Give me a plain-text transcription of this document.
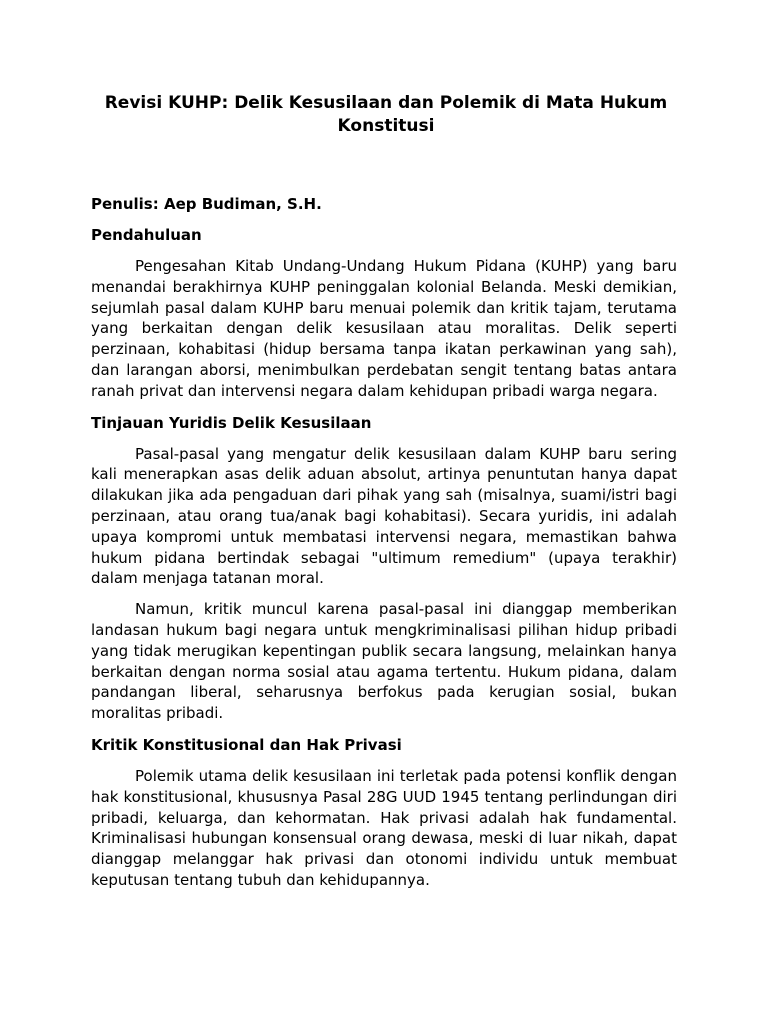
Revisi KUHP: Delik Kesusilaan dan Polemik di Mata Hukum Konstitusi

Penulis: Aep Budiman, S.H.

Pendahuluan

Pengesahan Kitab Undang-Undang Hukum Pidana (KUHP) yang baru menandai berakhirnya KUHP peninggalan kolonial Belanda. Meski demikian, sejumlah pasal dalam KUHP baru menuai polemik dan kritik tajam, terutama yang berkaitan dengan delik kesusilaan atau moralitas. Delik seperti perzinaan, kohabitasi (hidup bersama tanpa ikatan perkawinan yang sah), dan larangan aborsi, menimbulkan perdebatan sengit tentang batas antara ranah privat dan intervensi negara dalam kehidupan pribadi warga negara.

Tinjauan Yuridis Delik Kesusilaan

Pasal-pasal yang mengatur delik kesusilaan dalam KUHP baru sering kali menerapkan asas delik aduan absolut, artinya penuntutan hanya dapat dilakukan jika ada pengaduan dari pihak yang sah (misalnya, suami/istri bagi perzinaan, atau orang tua/anak bagi kohabitasi). Secara yuridis, ini adalah upaya kompromi untuk membatasi intervensi negara, memastikan bahwa hukum pidana bertindak sebagai "ultimum remedium" (upaya terakhir) dalam menjaga tatanan moral.

Namun, kritik muncul karena pasal-pasal ini dianggap memberikan landasan hukum bagi negara untuk mengkriminalisasi pilihan hidup pribadi yang tidak merugikan kepentingan publik secara langsung, melainkan hanya berkaitan dengan norma sosial atau agama tertentu. Hukum pidana, dalam pandangan liberal, seharusnya berfokus pada kerugian sosial, bukan moralitas pribadi.

Kritik Konstitusional dan Hak Privasi

Polemik utama delik kesusilaan ini terletak pada potensi konflik dengan hak konstitusional, khususnya Pasal 28G UUD 1945 tentang perlindungan diri pribadi, keluarga, dan kehormatan. Hak privasi adalah hak fundamental. Kriminalisasi hubungan konsensual orang dewasa, meski di luar nikah, dapat dianggap melanggar hak privasi dan otonomi individu untuk membuat keputusan tentang tubuh dan kehidupannya.
